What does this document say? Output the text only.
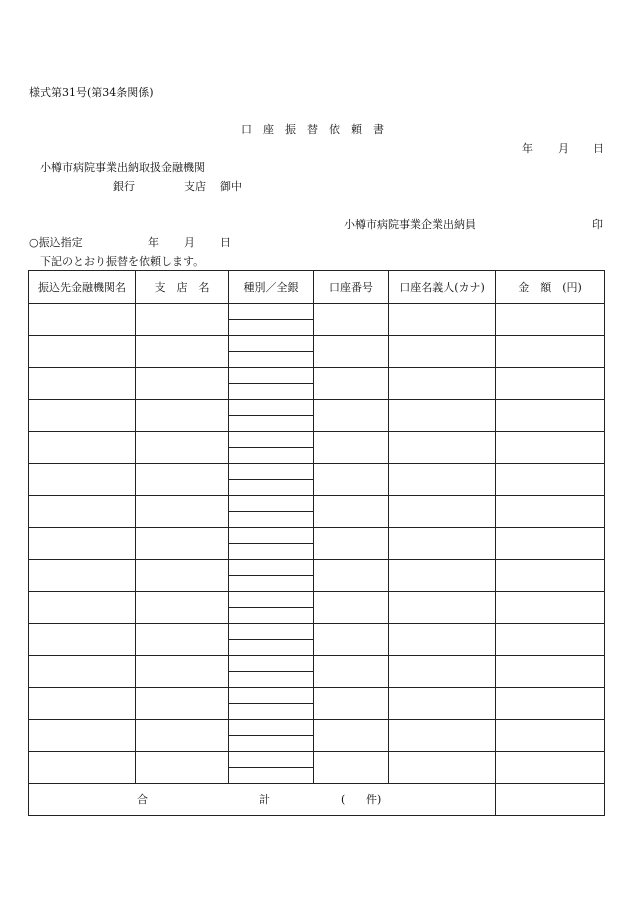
様式第31号(第34条関係)
口座振替依頼書
年 月 日
小樽市病院事業出納取扱金融機関
銀行	支店 御中
小樽市病院事業企業出納員	印
○振込指定	年 月 日
下記のとおり振替を依頼します。
振込先金融機関名	支　店　名	種別／全銀	口座番号	口座名義人(カナ)	金　額　(円)

合 計 ( 件)					
